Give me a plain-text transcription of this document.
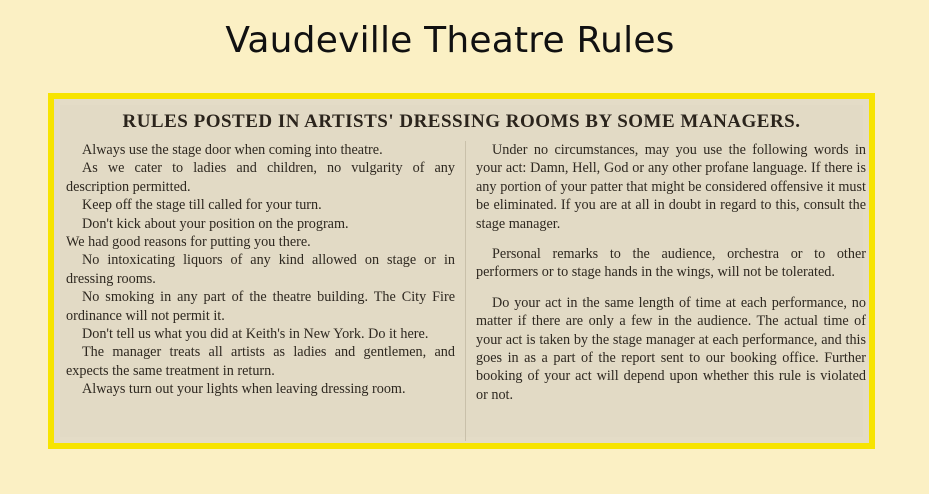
Vaudeville Theatre Rules
RULES POSTED IN ARTISTS' DRESSING ROOMS BY SOME MANAGERS.

Always use the stage door when coming into theatre.

As we cater to ladies and children, no vulgarity of any description permitted.

Keep off the stage till called for your turn.

Don't kick about your position on the program.

We had good reasons for putting you there.

No intoxicating liquors of any kind allowed on stage or in dressing rooms.

No smoking in any part of the theatre building. The City Fire ordinance will not permit it.

Don't tell us what you did at Keith's in New York. Do it here.

The manager treats all artists as ladies and gentlemen, and expects the same treatment in return.

Always turn out your lights when leaving dressing room.

Under no circumstances, may you use the following words in your act: Damn, Hell, God or any other profane language. If there is any portion of your patter that might be considered offensive it must be eliminated. If you are at all in doubt in regard to this, consult the stage manager.

Personal remarks to the audience, orchestra or to other performers or to stage hands in the wings, will not be tolerated.

Do your act in the same length of time at each performance, no matter if there are only a few in the audience. The actual time of your act is taken by the stage manager at each performance, and this goes in as a part of the report sent to our booking office. Further booking of your act will depend upon whether this rule is violated or not.
